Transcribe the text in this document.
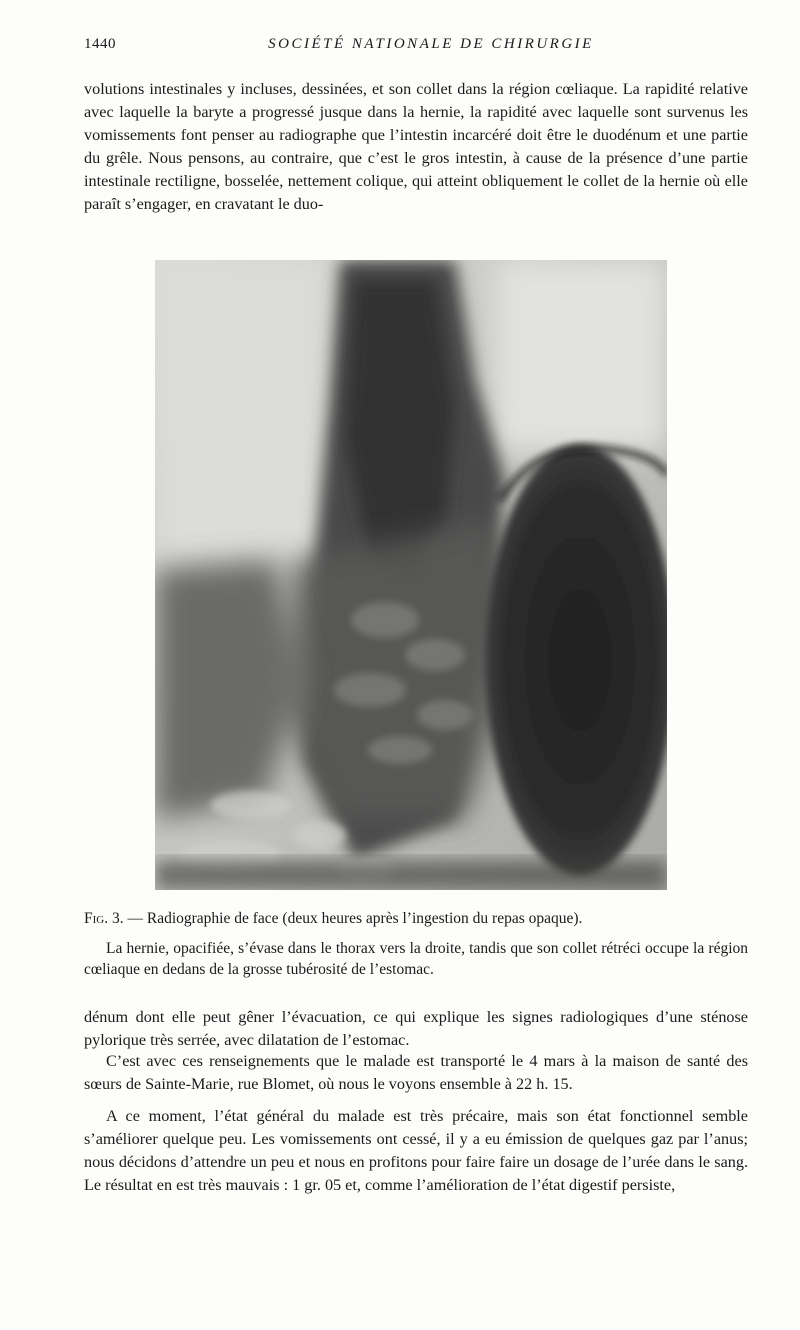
1440	SOCIÉTÉ NATIONALE DE CHIRURGIE

volutions intestinales y incluses, dessinées, et son collet dans la région cœliaque. La rapidité relative avec laquelle la baryte a progressé jusque dans la hernie, la rapidité avec laquelle sont survenus les vomissements font penser au radiographe que l’intestin incarcéré doit être le duodénum et une partie du grêle. Nous pensons, au contraire, que c’est le gros intestin, à cause de la présence d’une partie intestinale rectiligne, bosselée, nettement colique, qui atteint obliquement le collet de la hernie où elle paraît s’engager, en cravatant le duo-

Fig. 3. — Radiographie de face (deux heures après l’ingestion du repas opaque).

La hernie, opacifiée, s’évase dans le thorax vers la droite, tandis que son collet rétréci occupe la région cœliaque en dedans de la grosse tubérosité de l’estomac.

dénum dont elle peut gêner l’évacuation, ce qui explique les signes radiologiques d’une sténose pylorique très serrée, avec dilatation de l’estomac.

C’est avec ces renseignements que le malade est transporté le 4 mars à la maison de santé des sœurs de Sainte-Marie, rue Blomet, où nous le voyons ensemble à 22 h. 15.

A ce moment, l’état général du malade est très précaire, mais son état fonctionnel semble s’améliorer quelque peu. Les vomissements ont cessé, il y a eu émission de quelques gaz par l’anus; nous décidons d’attendre un peu et nous en profitons pour faire faire un dosage de l’urée dans le sang. Le résultat en est très mauvais : 1 gr. 05 et, comme l’amélioration de l’état digestif persiste,
